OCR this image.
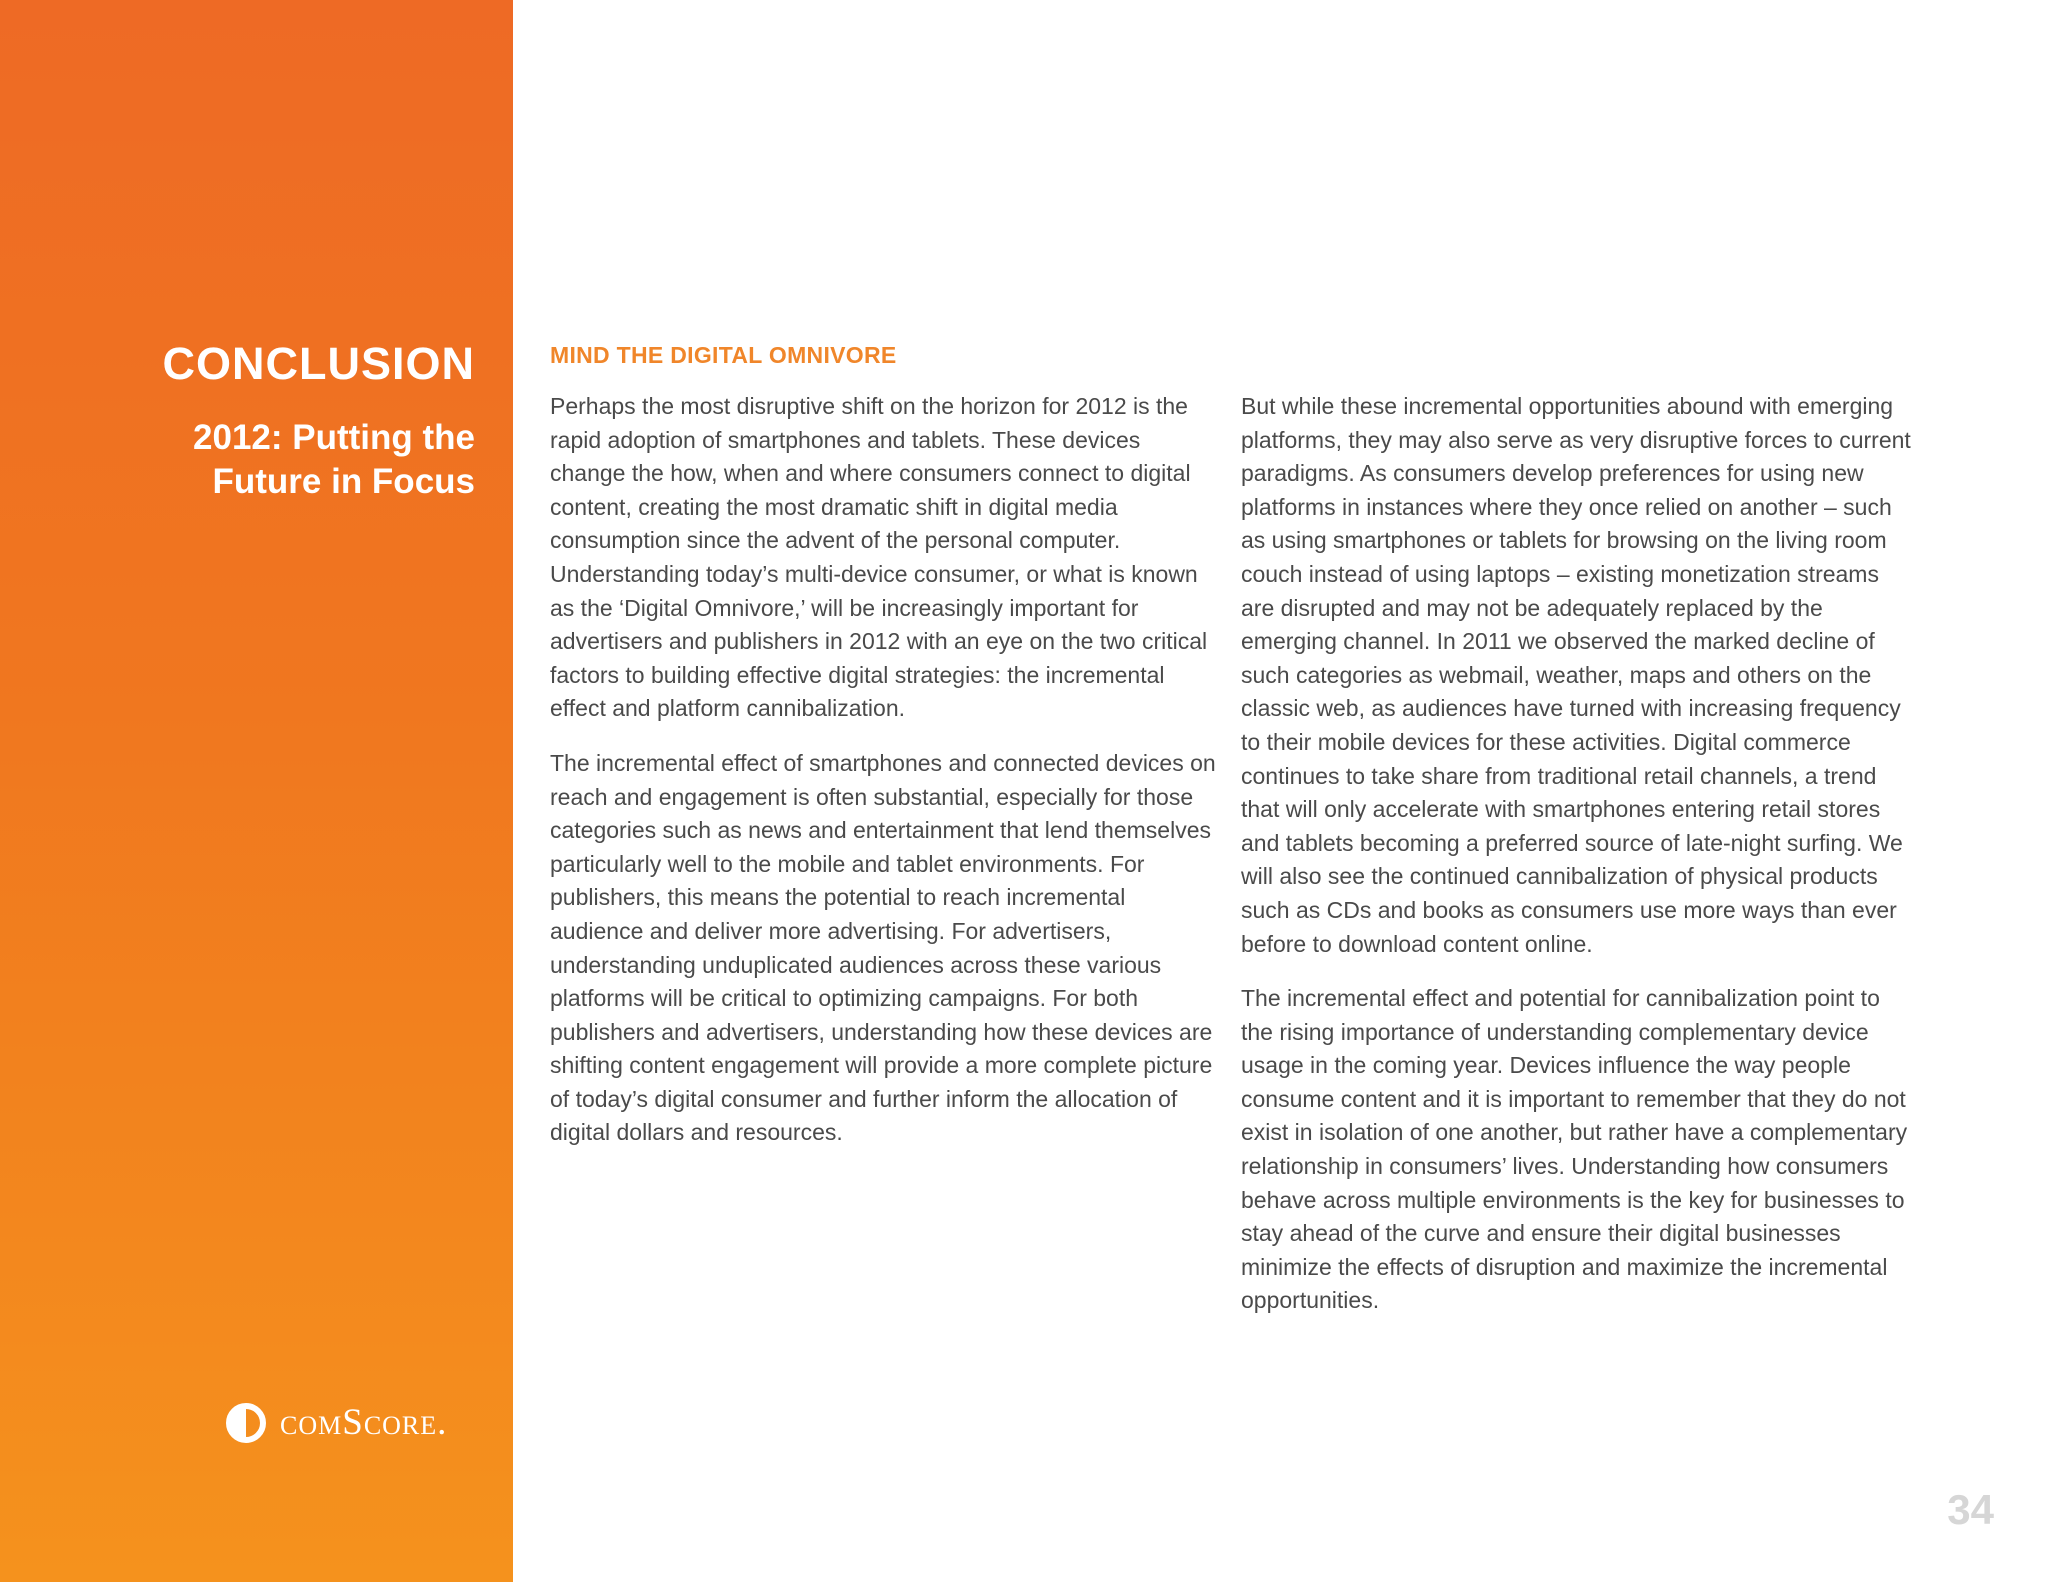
CONCLUSION
2012: Putting the Future in Focus
comScore.
MIND THE DIGITAL OMNIVORE

Perhaps the most disruptive shift on the horizon for 2012 is the rapid adoption of smartphones and tablets. These devices change the how, when and where consumers connect to digital content, creating the most dramatic shift in digital media consumption since the advent of the personal computer. Understanding today’s multi-device consumer, or what is known as the ‘Digital Omnivore,’ will be increasingly important for advertisers and publishers in 2012 with an eye on the two critical factors to building effective digital strategies: the incremental effect and platform cannibalization.

The incremental effect of smartphones and connected devices on reach and engagement is often substantial, especially for those categories such as news and entertainment that lend themselves particularly well to the mobile and tablet environments. For publishers, this means the potential to reach incremental audience and deliver more advertising. For advertisers, understanding unduplicated audiences across these various platforms will be critical to optimizing campaigns. For both publishers and advertisers, understanding how these devices are shifting content engagement will provide a more complete picture of today’s digital consumer and further inform the allocation of digital dollars and resources.

But while these incremental opportunities abound with emerging platforms, they may also serve as very disruptive forces to current paradigms. As consumers develop preferences for using new platforms in instances where they once relied on another – such as using smartphones or tablets for browsing on the living room couch instead of using laptops – existing monetization streams are disrupted and may not be adequately replaced by the emerging channel. In 2011 we observed the marked decline of such categories as webmail, weather, maps and others on the classic web, as audiences have turned with increasing frequency to their mobile devices for these activities. Digital commerce continues to take share from traditional retail channels, a trend that will only accelerate with smartphones entering retail stores and tablets becoming a preferred source of late-night surfing. We will also see the continued cannibalization of physical products such as CDs and books as consumers use more ways than ever before to download content online.

The incremental effect and potential for cannibalization point to the rising importance of understanding complementary device usage in the coming year. Devices influence the way people consume content and it is important to remember that they do not exist in isolation of one another, but rather have a complementary relationship in consumers’ lives. Understanding how consumers behave across multiple environments is the key for businesses to stay ahead of the curve and ensure their digital businesses minimize the effects of disruption and maximize the incremental opportunities.

34
